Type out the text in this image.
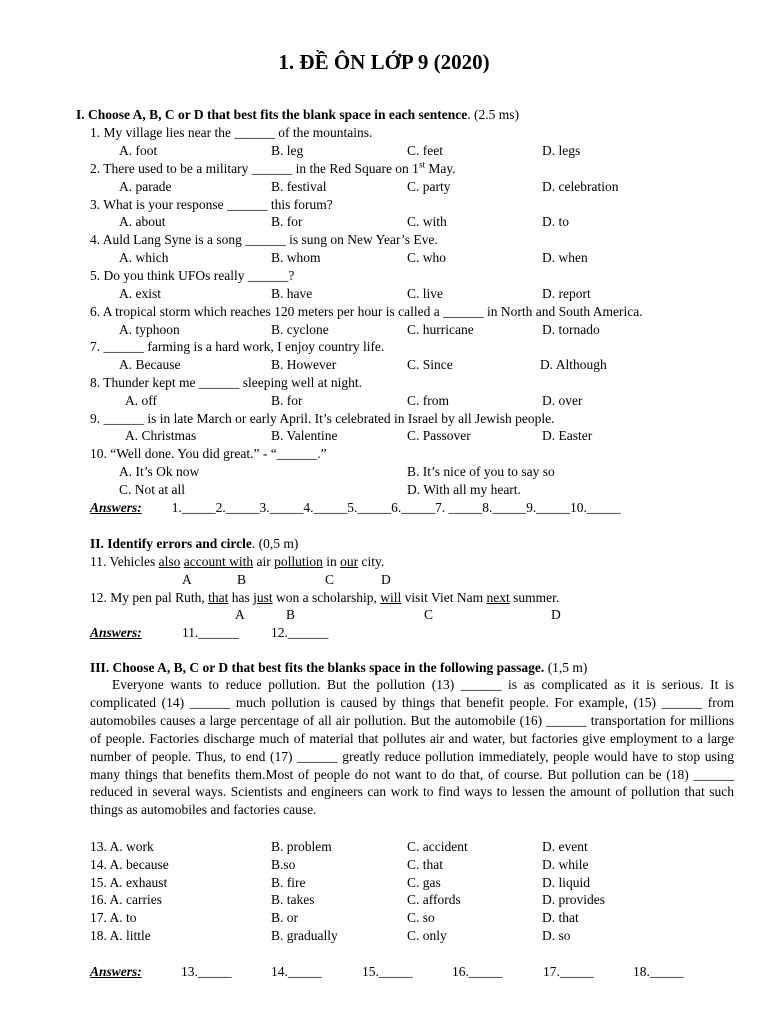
1. ĐỀ ÔN LỚP 9 (2020)
I. Choose A, B, C or D that best fits the blank space in each sentence. (2.5 ms)
1. My village lies near the ______ of the mountains.
A. foot	B. leg	C. feet	D. legs
2. There used to be a military ______ in the Red Square on 1st May.
A. parade	B. festival	C. party	D. celebration
3. What is your response ______ this forum?
A. about	B. for	C. with	D. to
4. Auld Lang Syne is a song ______ is sung on New Year’s Eve.
A. which	B. whom	C. who	D. when
5. Do you think UFOs really ______?
A. exist	B. have	C. live	D. report
6. A tropical storm which reaches 120 meters per hour is called a ______ in North and South America.
A. typhoon	B. cyclone	C. hurricane	D. tornado
7. ______ farming is a hard work, I enjoy country life.
A. Because	B. However	C. Since	D. Although
8. Thunder kept me ______ sleeping well at night.
A. off	B. for	C. from	D. over
9. ______ is in late March or early April. It’s celebrated in Israel by all Jewish people.
A. Christmas	B. Valentine	C. Passover	D. Easter
10. “Well done. You did great.” - “______.”
A. It’s Ok now	B. It’s nice of you to say so
C. Not at all	D. With all my heart.
Answers: 1._____2._____3._____4._____5._____6._____7. _____8._____9._____10._____
II. Identify errors and circle. (0,5 m)
11. Vehicles also account with air pollution in our city.
A	B	C	D
12. My pen pal Ruth, that has just won a scholarship, will visit Viet Nam next summer.
A	B	C	D
Answers:	11.______ 12.______
III. Choose A, B, C or D that best fits the blanks space in the following passage. (1,5 m)
Everyone wants to reduce pollution. But the pollution (13) ______ is as complicated as it is serious. It is complicated (14) ______ much pollution is caused by things that benefit people. For example, (15) ______ from automobiles causes a large percentage of all air pollution. But the automobile (16) ______ transportation for millions of people. Factories discharge much of material that pollutes air and water, but factories give employment to a large number of people. Thus, to end (17) ______ greatly reduce pollution immediately, people would have to stop using many things that benefits them.Most of people do not want to do that, of course. But pollution can be (18) ______ reduced in several ways. Scientists and engineers can work to find ways to lessen the amount of pollution that such things as automobiles and factories cause.
13. A. work	B. problem	C. accident	D. event
14. A. because	B.so	C. that	D. while
15. A. exhaust	B. fire	C. gas	D. liquid
16. A. carries	B. takes	C. affords	D. provides
17. A. to	B. or	C. so	D. that
18. A. little	B. gradually	C. only	D. so
Answers:	13._____	14._____	15._____	16._____	17._____	18._____
